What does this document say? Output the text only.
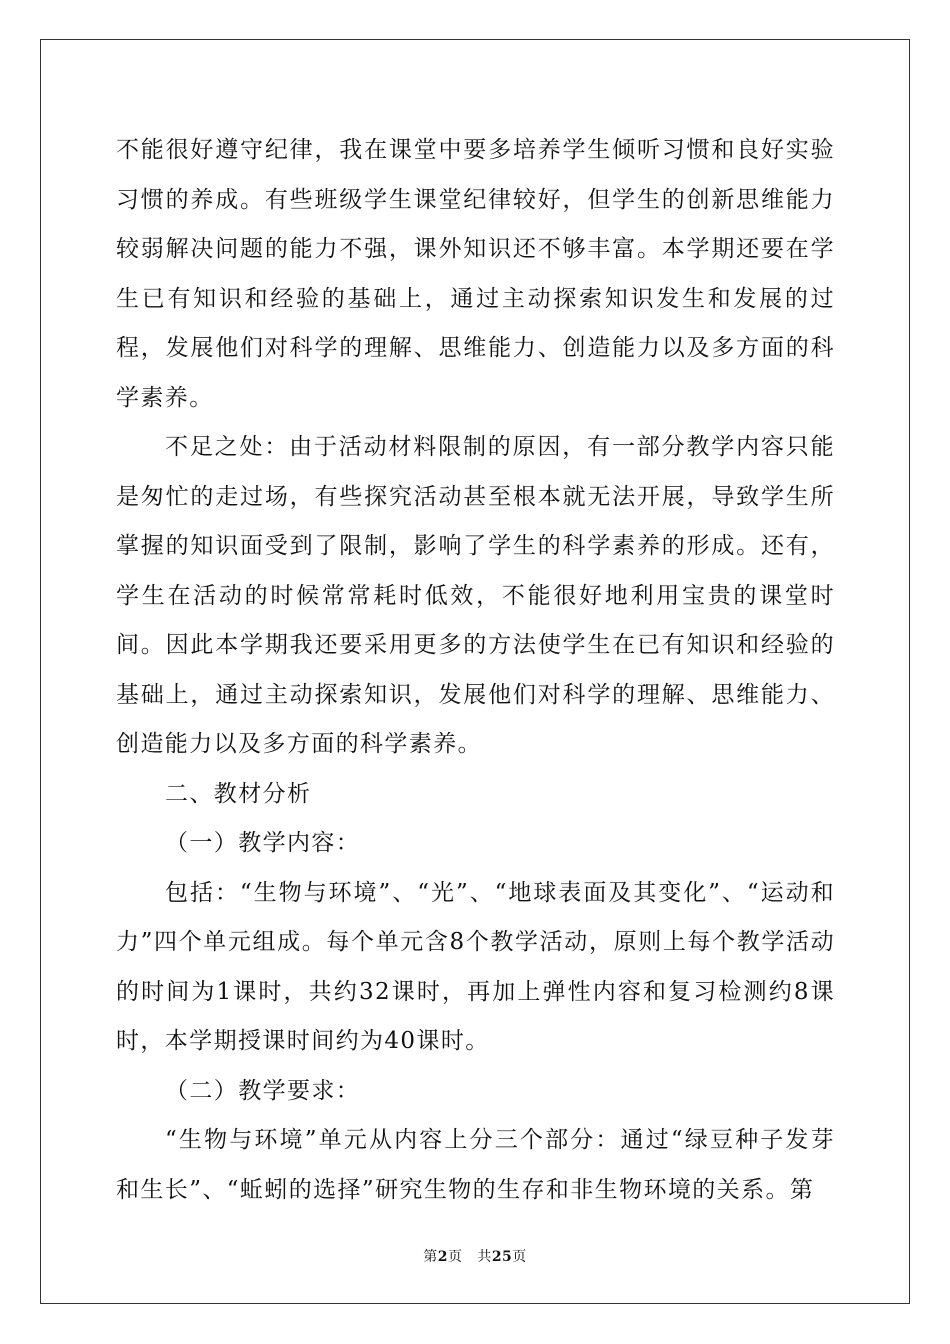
不能很好遵守纪律，我在课堂中要多培养学生倾听习惯和良好实验习惯的养成。有些班级学生课堂纪律较好，但学生的创新思维能力较弱解决问题的能力不强，课外知识还不够丰富。本学期还要在学生已有知识和经验的基础上，通过主动探索知识发生和发展的过程，发展他们对科学的理解、思维能力、创造能力以及多方面的科学素养。

不足之处：由于活动材料限制的原因，有一部分教学内容只能是匆忙的走过场，有些探究活动甚至根本就无法开展，导致学生所掌握的知识面受到了限制，影响了学生的科学素养的形成。还有，学生在活动的时候常常耗时低效，不能很好地利用宝贵的课堂时间。因此本学期我还要采用更多的方法使学生在已有知识和经验的基础上，通过主动探索知识，发展他们对科学的理解、思维能力、创造能力以及多方面的科学素养。

二、教材分析

（一）教学内容：

包括：“生物与环境”、“光”、“地球表面及其变化”、“运动和力”四个单元组成。每个单元含8个教学活动，原则上每个教学活动的时间为1课时，共约32课时，再加上弹性内容和复习检测约8课时，本学期授课时间约为40课时。

（二）教学要求：

“生物与环境”单元从内容上分三个部分：通过“绿豆种子发芽和生长”、“蚯蚓的选择”研究生物的生存和非生物环境的关系。第

第2页 共25页
